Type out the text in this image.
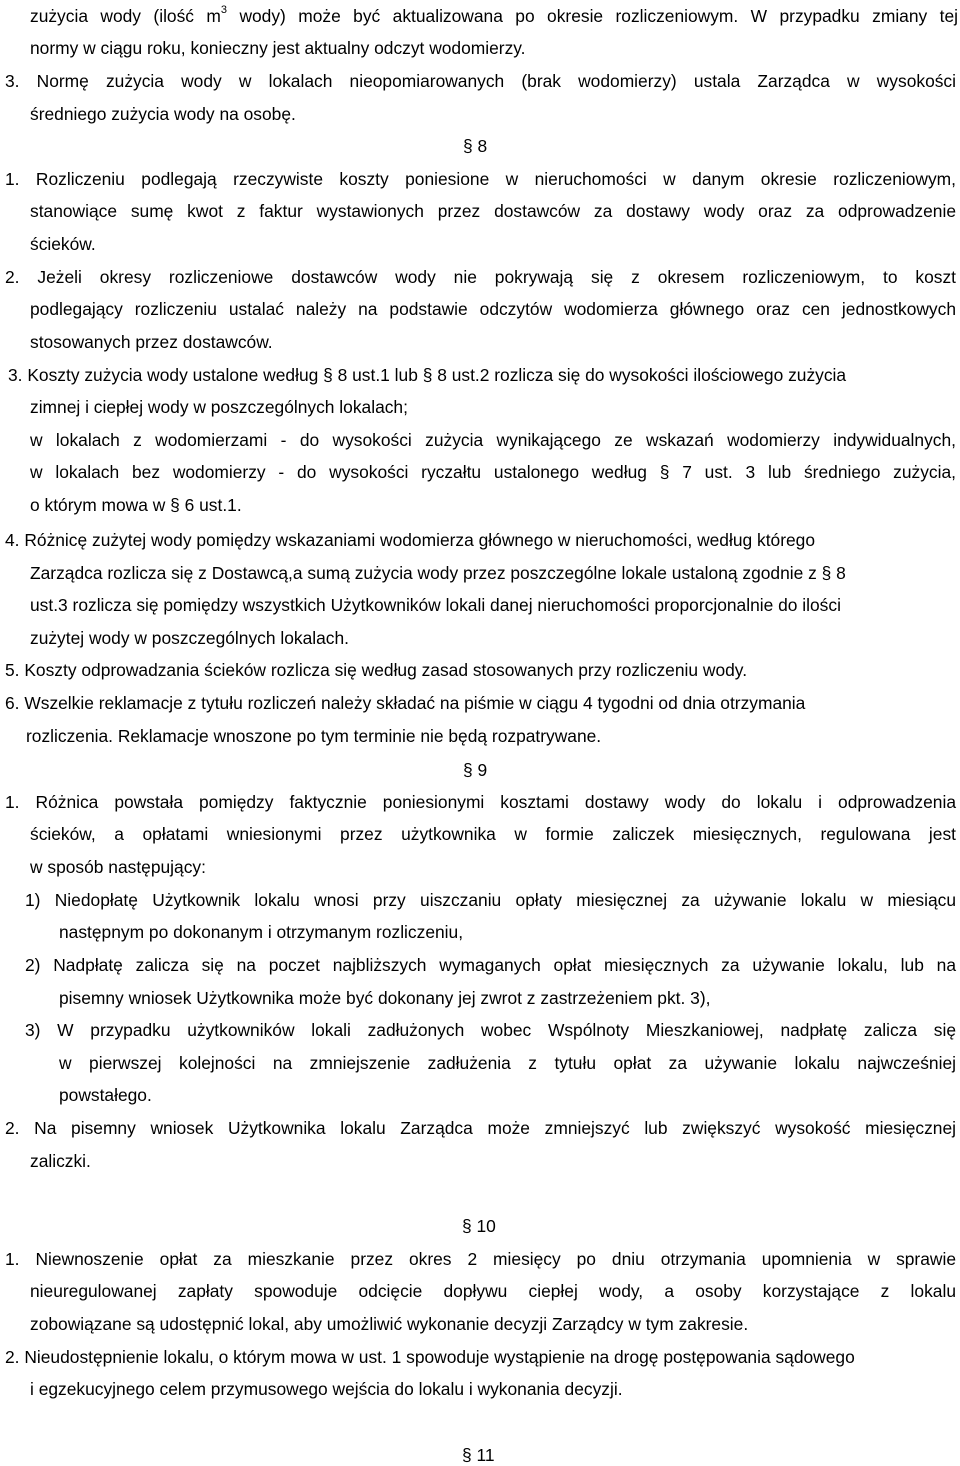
zużycia wody (ilość $m^3$ wody) może być aktualizowana po okresie rozliczeniowym. W przypadku zmiany tej
normy w ciągu roku, konieczny jest aktualny odczyt wodomierzy.
3. Normę zużycia wody w lokalach nieopomiarowanych (brak wodomierzy) ustala Zarządca w wysokości
średniego zużycia wody na osobę.
§ 8
1. Rozliczeniu podlegają rzeczywiste koszty poniesione w nieruchomości w danym okresie rozliczeniowym,
stanowiące sumę kwot z faktur wystawionych przez dostawców za dostawy wody oraz za odprowadzenie
ścieków.
2. Jeżeli okresy rozliczeniowe dostawców wody nie pokrywają się z okresem rozliczeniowym, to koszt
podlegający rozliczeniu ustalać należy na podstawie odczytów wodomierza głównego oraz cen jednostkowych
stosowanych przez dostawców.
3. Koszty zużycia wody ustalone według § 8 ust.1 lub § 8 ust.2 rozlicza się do wysokości ilościowego zużycia
zimnej i ciepłej wody w poszczególnych lokalach;
w lokalach z wodomierzami - do wysokości zużycia wynikającego ze wskazań wodomierzy indywidualnych,
w lokalach bez wodomierzy - do wysokości ryczałtu ustalonego według § 7 ust. 3 lub średniego zużycia,
o którym mowa w § 6 ust.1.
4. Różnicę zużytej wody pomiędzy wskazaniami wodomierza głównego w nieruchomości, według którego
Zarządca rozlicza się z Dostawcą,a sumą zużycia wody przez poszczególne lokale ustaloną zgodnie z § 8
ust.3 rozlicza się pomiędzy wszystkich Użytkowników lokali danej nieruchomości proporcjonalnie do ilości
zużytej wody w poszczególnych lokalach.
5. Koszty odprowadzania ścieków rozlicza się według zasad stosowanych przy rozliczeniu wody.
6. Wszelkie reklamacje z tytułu rozliczeń należy składać na piśmie w ciągu 4 tygodni od dnia otrzymania
rozliczenia. Reklamacje wnoszone po tym terminie nie będą rozpatrywane.
§ 9
1. Różnica powstała pomiędzy faktycznie poniesionymi kosztami dostawy wody do lokalu i odprowadzenia
ścieków, a opłatami wniesionymi przez użytkownika w formie zaliczek miesięcznych, regulowana jest
w sposób następujący:
1) Niedopłatę Użytkownik lokalu wnosi przy uiszczaniu opłaty miesięcznej za używanie lokalu w miesiącu
następnym po dokonanym i otrzymanym rozliczeniu,
2) Nadpłatę zalicza się na poczet najbliższych wymaganych opłat miesięcznych za używanie lokalu, lub na
pisemny wniosek Użytkownika może być dokonany jej zwrot z zastrzeżeniem pkt. 3),
3) W przypadku użytkowników lokali zadłużonych wobec Wspólnoty Mieszkaniowej, nadpłatę zalicza się
w pierwszej kolejności na zmniejszenie zadłużenia z tytułu opłat za używanie lokalu najwcześniej
powstałego.
2. Na pisemny wniosek Użytkownika lokalu Zarządca może zmniejszyć lub zwiększyć wysokość miesięcznej
zaliczki.
§ 10
1. Niewnoszenie opłat za mieszkanie przez okres 2 miesięcy po dniu otrzymania upomnienia w sprawie
nieuregulowanej zapłaty spowoduje odcięcie dopływu ciepłej wody, a osoby korzystające z lokalu
zobowiązane są udostępnić lokal, aby umożliwić wykonanie decyzji Zarządcy w tym zakresie.
2. Nieudostępnienie lokalu, o którym mowa w ust. 1 spowoduje wystąpienie na drogę postępowania sądowego
i egzekucyjnego celem przymusowego wejścia do lokalu i wykonania decyzji.
§ 11
